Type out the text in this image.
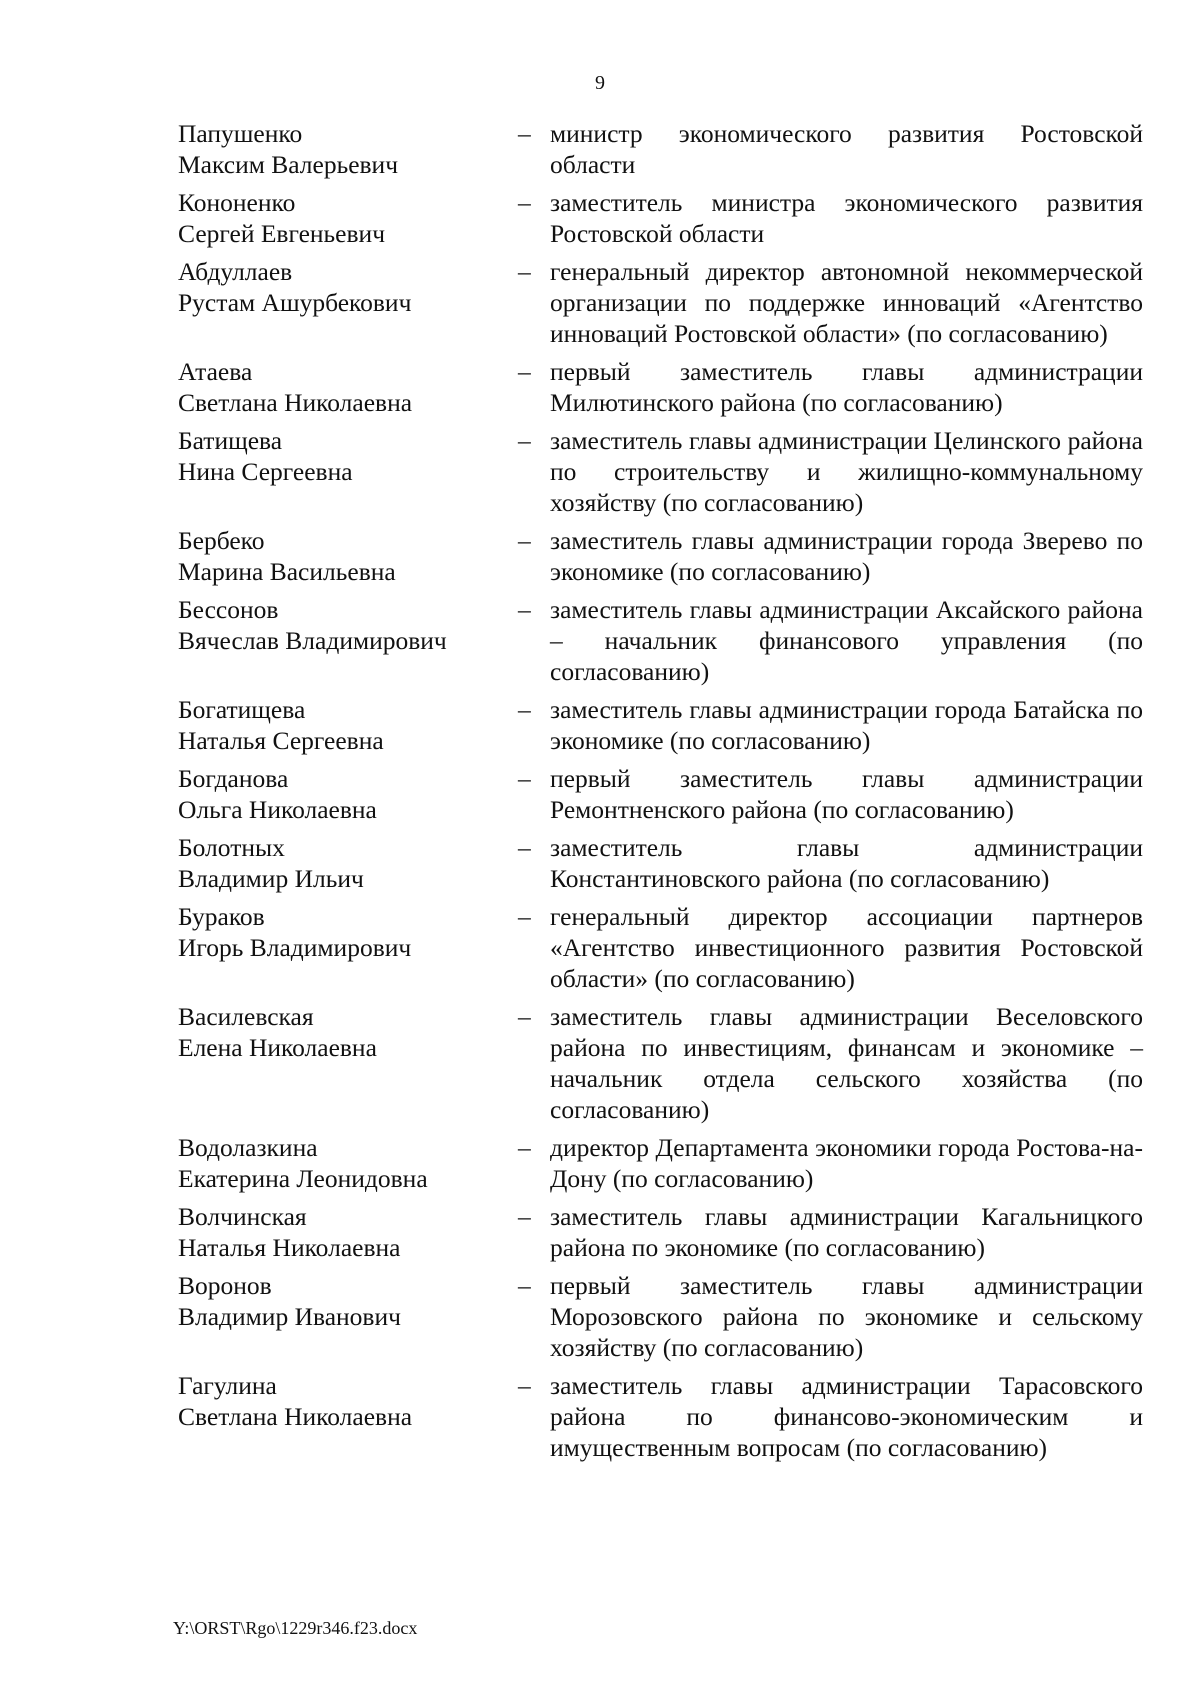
9
Папушенко
Максим Валерьевич
– министр экономического развития Ростовской области
Кононенко
Сергей Евгеньевич
– заместитель министра экономического развития Ростовской области
Абдуллаев
Рустам Ашурбекович
– генеральный директор автономной некоммерческой организации по поддержке инноваций «Агентство инноваций Ростовской области» (по согласованию)
Атаева
Светлана Николаевна
– первый заместитель главы администрации Милютинского района (по согласованию)
Батищева
Нина Сергеевна
– заместитель главы администрации Целинского района по строительству и жилищно-коммунальному хозяйству (по согласованию)
Бербеко
Марина Васильевна
– заместитель главы администрации города Зверево по экономике (по согласованию)
Бессонов
Вячеслав Владимирович
– заместитель главы администрации Аксайского района – начальник финансового управления (по согласованию)
Богатищева
Наталья Сергеевна
– заместитель главы администрации города Батайска по экономике (по согласованию)
Богданова
Ольга Николаевна
– первый заместитель главы администрации Ремонтненского района (по согласованию)
Болотных
Владимир Ильич
– заместитель главы администрации Константиновского района (по согласованию)
Бураков
Игорь Владимирович
– генеральный директор ассоциации партнеров «Агентство инвестиционного развития Ростовской области» (по согласованию)
Василевская
Елена Николаевна
– заместитель главы администрации Веселовского района по инвестициям, финансам и экономике – начальник отдела сельского хозяйства (по согласованию)
Водолазкина
Екатерина Леонидовна
– директор Департамента экономики города Ростова-на-Дону (по согласованию)
Волчинская
Наталья Николаевна
– заместитель главы администрации Кагальницкого района по экономике (по согласованию)
Воронов
Владимир Иванович
– первый заместитель главы администрации Морозовского района по экономике и сельскому хозяйству (по согласованию)
Гагулина
Светлана Николаевна
– заместитель главы администрации Тарасовского района по финансово-экономическим и имущественным вопросам (по согласованию)
Y:\ORST\Rgo\1229r346.f23.docx
